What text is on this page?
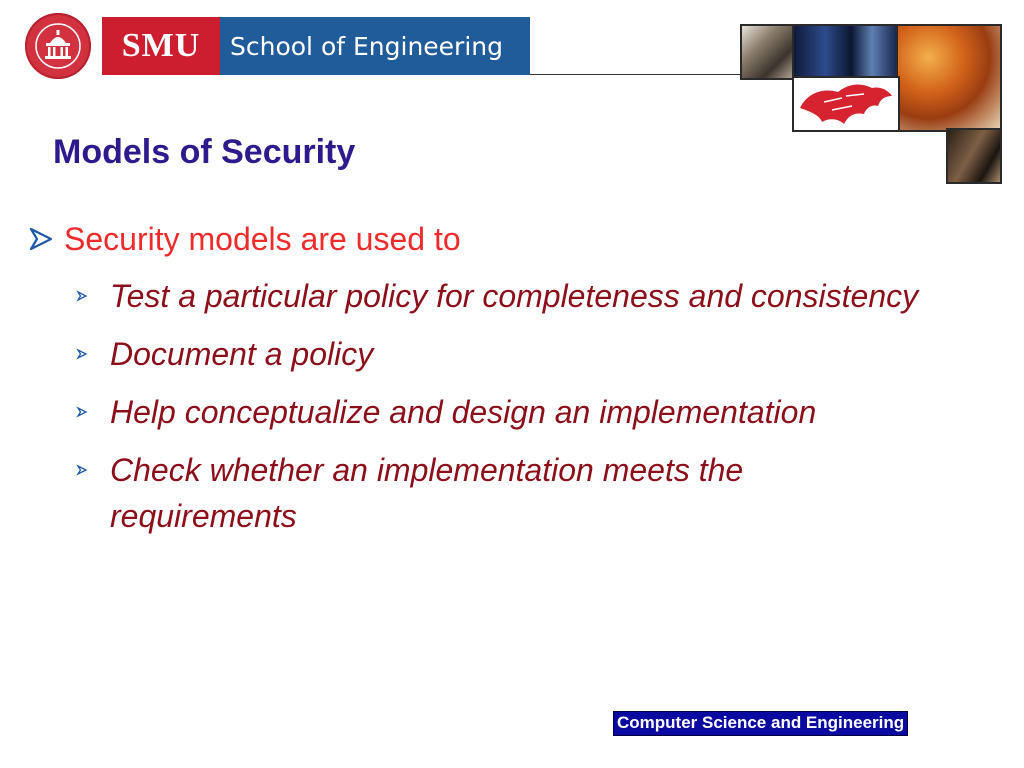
SMU	School of Engineering
Models of Security
Security models are used to
Test a particular policy for completeness and consistency
Document a policy
Help conceptualize and design an implementation
Check whether an implementation meets the requirements
Computer Science and Engineering
